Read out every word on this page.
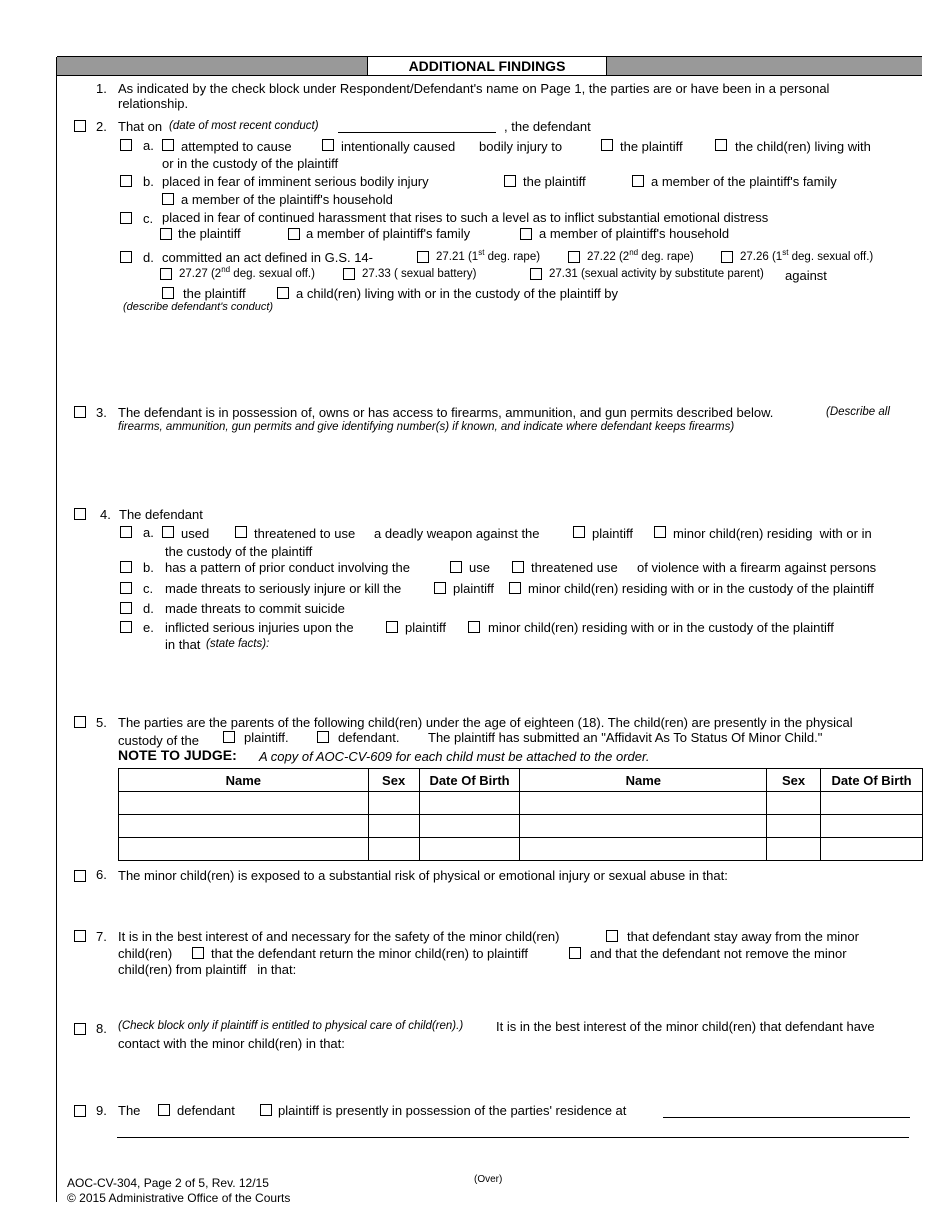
ADDITIONAL FINDINGS
1. As indicated by the check block under Respondent/Defendant's name on Page 1, the parties are or have been in a personal
relationship.
2. That on (date of most recent conduct)	, the defendant
a. attempted to cause	intentionally caused bodily injury to	the plaintiff	the child(ren) living with
or in the custody of the plaintiff
b. placed in fear of imminent serious bodily injury	the plaintiff	a member of the plaintiff's family
a member of the plaintiff's household
c. placed in fear of continued harassment that rises to such a level as to inflict substantial emotional distress
the plaintiff	a member of plaintiff's family	a member of plaintiff's household
d. committed an act defined in G.S. 14-	27.21 (1st deg. rape)	27.22 (2nd deg. rape)	27.26 (1st deg. sexual off.)
27.27 (2nd deg. sexual off.)	27.33 ( sexual battery)	27.31 (sexual activity by substitute parent) against
the plaintiff	a child(ren) living with or in the custody of the plaintiff by
(describe defendant's conduct)
3. The defendant is in possession of, owns or has access to firearms, ammunition, and gun permits described below.	(Describe all
firearms, ammunition, gun permits and give identifying number(s) if known, and indicate where defendant keeps firearms)
4. The defendant
a. used	threatened to use a deadly weapon against the	plaintiff	minor child(ren) residing  with or in
the custody of the plaintiff
b. has a pattern of prior conduct involving the	use	threatened use of violence with a firearm against persons
c. made threats to seriously injure or kill the	plaintiff	minor child(ren) residing with or in the custody of the plaintiff
d. made threats to commit suicide
e. inflicted serious injuries upon the	plaintiff	minor child(ren) residing with or in the custody of the plaintiff
in that (state facts):
5. The parties are the parents of the following child(ren) under the age of eighteen (18). The child(ren) are presently in the physical
custody of the	plaintiff.	defendant. The plaintiff has submitted an "Affidavit As To Status Of Minor Child."
NOTE TO JUDGE: A copy of AOC-CV-609 for each child must be attached to the order.
Name	Sex	Date Of Birth	Name	Sex	Date Of Birth

6. The minor child(ren) is exposed to a substantial risk of physical or emotional injury or sexual abuse in that:
7. It is in the best interest of and necessary for the safety of the minor child(ren)	that defendant stay away from the minor
child(ren)	that the defendant return the minor child(ren) to plaintiff	and that the defendant not remove the minor
child(ren) from plaintiff   in that:
8. (Check block only if plaintiff is entitled to physical care of child(ren).)	It is in the best interest of the minor child(ren) that defendant have
contact with the minor child(ren) in that:
9. The	defendant	plaintiff is presently in possession of the parties' residence at
AOC-CV-304, Page 2 of 5, Rev. 12/15
© 2015 Administrative Office of the Courts
(Over)
